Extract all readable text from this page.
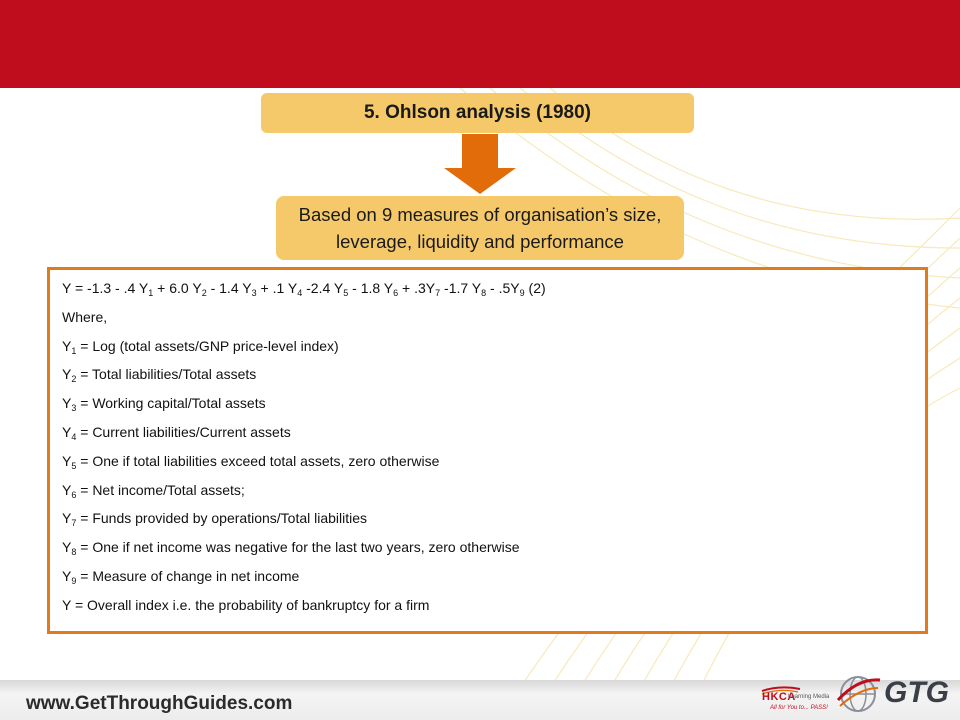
5. Ohlson analysis (1980)
Based on 9 measures of organisation’s size, leverage, liquidity and performance
Y = -1.3 - .4 $Y_1 + 6.0$ $Y_2 - 1.4$ $Y_3 + .1$ $Y_4$ -2.4 $Y_5 - 1.8$ $Y_6 + .3Y_7$ -1.7 $Y_8 - .5Y_9$ (2)
Where,
$Y_1$ = Log (total assets/GNP price-level index)
$Y_2$ = Total liabilities/Total assets
$Y_3$ = Working capital/Total assets
$Y_4$ = Current liabilities/Current assets
$Y_5$ = One if total liabilities exceed total assets, zero otherwise
$Y_6$ = Net income/Total assets;
$Y_7$ = Funds provided by operations/Total liabilities
$Y_8$ = One if net income was negative for the last two years, zero otherwise
$Y_9$ = Measure of change in net income
Y = Overall index i.e. the probability of bankruptcy for a firm
www.GetThroughGuides.com	HKCA
Learning Media
All for You to... PASS! GTG
